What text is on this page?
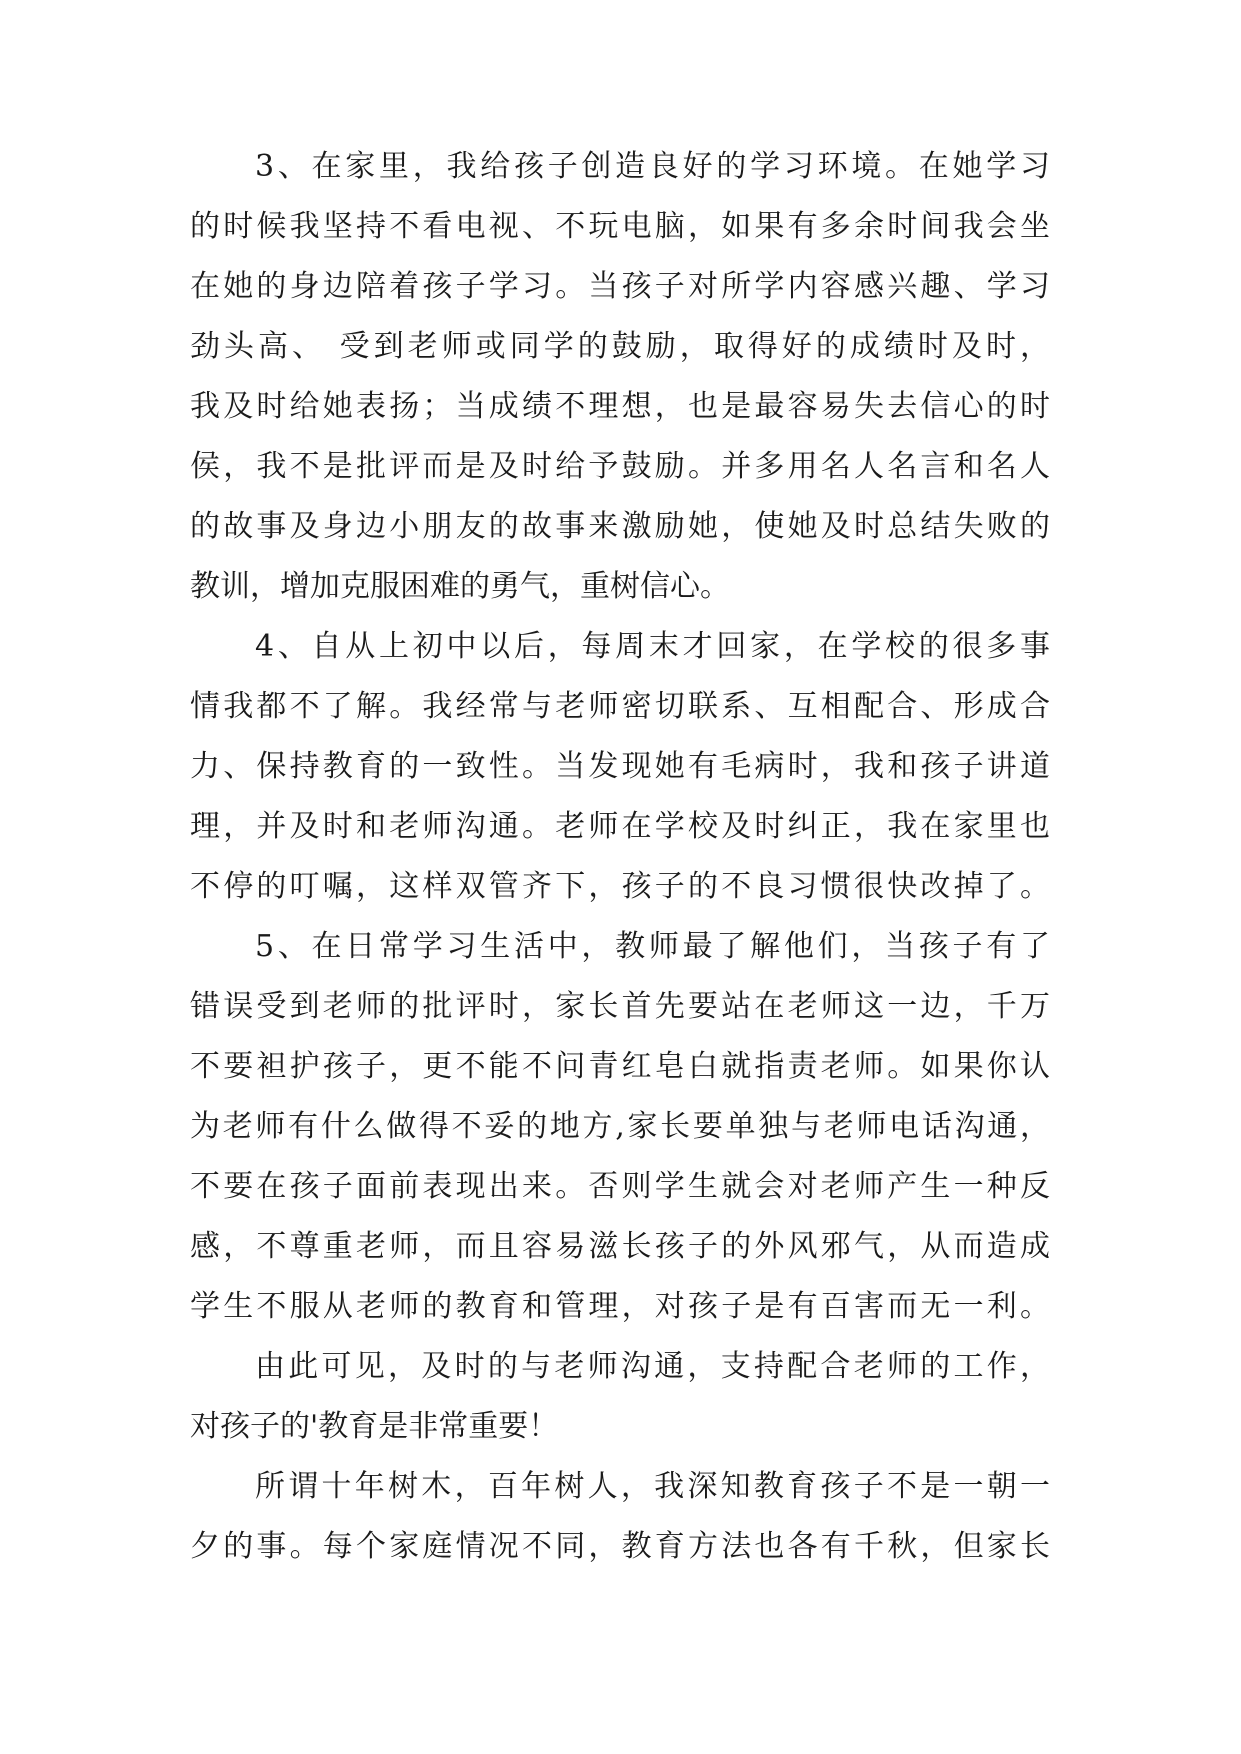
3、在家里，我给孩子创造良好的学习环境。在她学习
的时候我坚持不看电视、不玩电脑，如果有多余时间我会坐
在她的身边陪着孩子学习。当孩子对所学内容感兴趣、学习
劲头高、 受到老师或同学的鼓励，取得好的成绩时及时，
我及时给她表扬；当成绩不理想，也是最容易失去信心的时
侯，我不是批评而是及时给予鼓励。并多用名人名言和名人
的故事及身边小朋友的故事来激励她，使她及时总结失败的
教训，增加克服困难的勇气，重树信心。
4、自从上初中以后，每周末才回家，在学校的很多事
情我都不了解。我经常与老师密切联系、互相配合、形成合
力、保持教育的一致性。当发现她有毛病时，我和孩子讲道
理，并及时和老师沟通。老师在学校及时纠正，我在家里也
不停的叮嘱，这样双管齐下，孩子的不良习惯很快改掉了。
5、在日常学习生活中，教师最了解他们，当孩子有了
错误受到老师的批评时，家长首先要站在老师这一边，千万
不要袒护孩子，更不能不问青红皂白就指责老师。如果你认
为老师有什么做得不妥的地方,家长要单独与老师电话沟通，
不要在孩子面前表现出来。否则学生就会对老师产生一种反
感，不尊重老师，而且容易滋长孩子的外风邪气，从而造成
学生不服从老师的教育和管理，对孩子是有百害而无一利。
由此可见，及时的与老师沟通，支持配合老师的工作，
对孩子的'教育是非常重要！
所谓十年树木，百年树人，我深知教育孩子不是一朝一
夕的事。每个家庭情况不同，教育方法也各有千秋，但家长
